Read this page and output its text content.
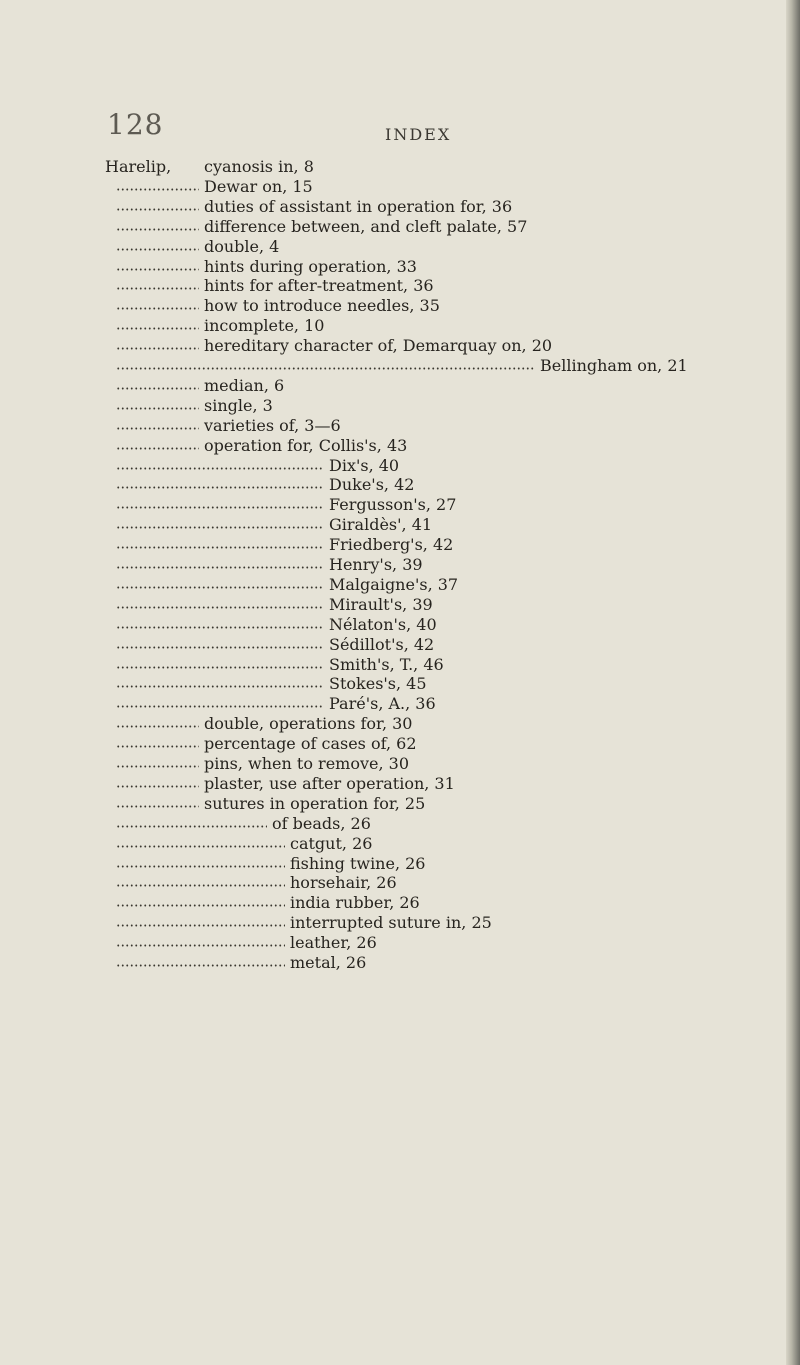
128	INDEX
Harelip, cyanosis in, 8
Dewar on, 15
duties of assistant in operation for, 36
difference between, and cleft palate, 57
double, 4
hints during operation, 33
hints for after-treatment, 36
how to introduce needles, 35
incomplete, 10
hereditary character of, Demarquay on, 20
Bellingham on, 21
median, 6
single, 3
varieties of, 3—6
operation for, Collis's, 43
Dix's, 40
Duke's, 42
Fergusson's, 27
Giraldès', 41
Friedberg's, 42
Henry's, 39
Malgaigne's, 37
Mirault's, 39
Nélaton's, 40
Sédillot's, 42
Smith's, T., 46
Stokes's, 45
Paré's, A., 36
double, operations for, 30
percentage of cases of, 62
pins, when to remove, 30
plaster, use after operation, 31
sutures in operation for, 25
of beads, 26
catgut, 26
fishing twine, 26
horsehair, 26
india rubber, 26
interrupted suture in, 25
leather, 26
metal, 26
